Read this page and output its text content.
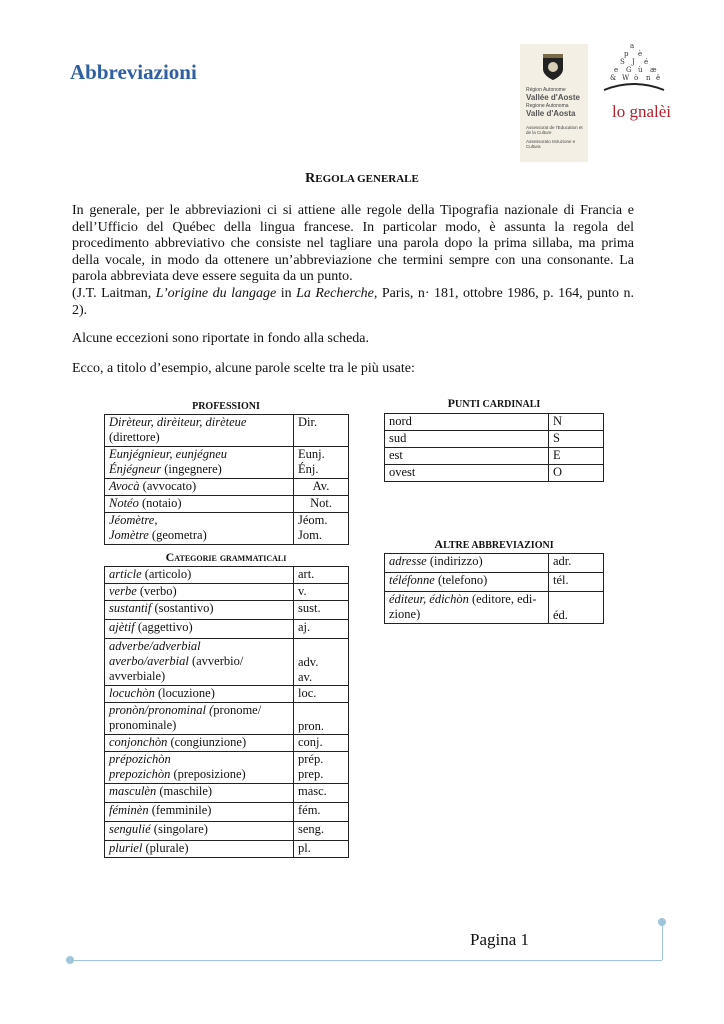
Abbreviazioni
Région Autonome
Vallée d'Aoste
Regione Autonoma
Valle d'Aosta
Assessorat de l'Education et de la Culture
Assessorato Istruzione e Cultura
a
p è
S J é
e G ù æ
& W ò n ë
lo gnalèi
REGOLA GENERALE

In generale, per le abbreviazioni ci si attiene alle regole della Tipografia nazionale di Francia e dell’Ufficio del Québec della lingua francese. In particolar modo, è assunta la regola del procedimento abbreviativo che consiste nel tagliare una parola dopo la prima sillaba, ma prima della vocale, in modo da ottenere un’abbreviazione che termini sempre con una consonante. La parola abbreviata deve essere seguita da un punto.

(J.T. Laitman, L’origine du langage in La Recherche, Paris, n· 181, ottobre 1986, p. 164, punto n. 2).

Alcune eccezioni sono riportate in fondo alla scheda.

Ecco, a titolo d’esempio, alcune parole scelte tra le più usate:

PROFESSIONI
Dirèteur, dirèiteur, dirèteue
(direttore)	Dir.
Eunjégnieur, eunjégneu
Énjégneur (ingegnere)	Eunj.
Énj.
Avocà (avvocato)	Av.
Notéo (notaio)	Not.
Jéomètre,
Jomètre (geometra)	Jéom.
Jom.
Categorie grammaticali
article (articolo)	art.
verbe (verbo)	v.
sustantif (sostantivo)	sust.
ajètif (aggettivo)	aj.
adverbe/adverbial
averbo/averbial (avverbio/
avverbiale)	adv.
av.
locuchòn (locuzione)	loc.
pronòn/pronominal (pronome/
pronominale)	pron.
conjonchòn (congiunzione)	conj.
prépozichòn
prepozichòn (preposizione)	prép.
prep.
masculèn (maschile)	masc.
féminèn (femminile)	fém.
sengulié (singolare)	seng.
pluriel (plurale)	pl.
PUNTI CARDINALI
nord	N
sud	S
est	E
ovest	O
ALTRE ABBREVIAZIONI
adresse (indirizzo)	adr.
téléfonne (telefono)	tél.
éditeur, édichòn (editore, edi-
zione)	éd.
Pagina 1
